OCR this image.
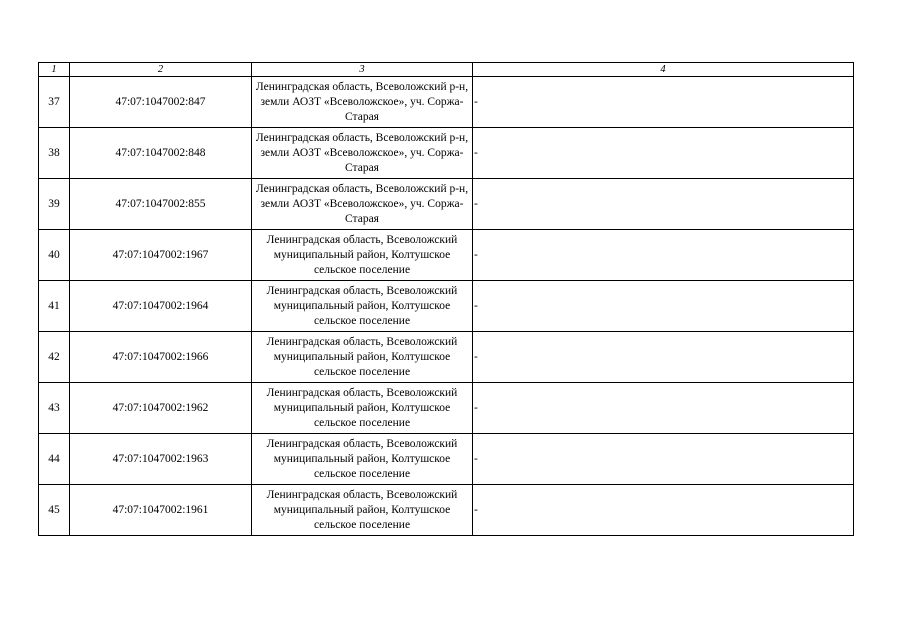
1	2	3	4
37	47:07:1047002:847	Ленинградская область, Всеволожский р-н, земли АОЗТ «Всеволожское», уч. Соржа-Старая	-
38	47:07:1047002:848	Ленинградская область, Всеволожский р-н, земли АОЗТ «Всеволожское», уч. Соржа-Старая	-
39	47:07:1047002:855	Ленинградская область, Всеволожский р-н, земли АОЗТ «Всеволожское», уч. Соржа-Старая	-
40	47:07:1047002:1967	Ленинградская область, Всеволожский муниципальный район, Колтушское сельское поселение	-
41	47:07:1047002:1964	Ленинградская область, Всеволожский муниципальный район, Колтушское сельское поселение	-
42	47:07:1047002:1966	Ленинградская область, Всеволожский муниципальный район, Колтушское сельское поселение	-
43	47:07:1047002:1962	Ленинградская область, Всеволожский муниципальный район, Колтушское сельское поселение	-
44	47:07:1047002:1963	Ленинградская область, Всеволожский муниципальный район, Колтушское сельское поселение	-
45	47:07:1047002:1961	Ленинградская область, Всеволожский муниципальный район, Колтушское сельское поселение	-
